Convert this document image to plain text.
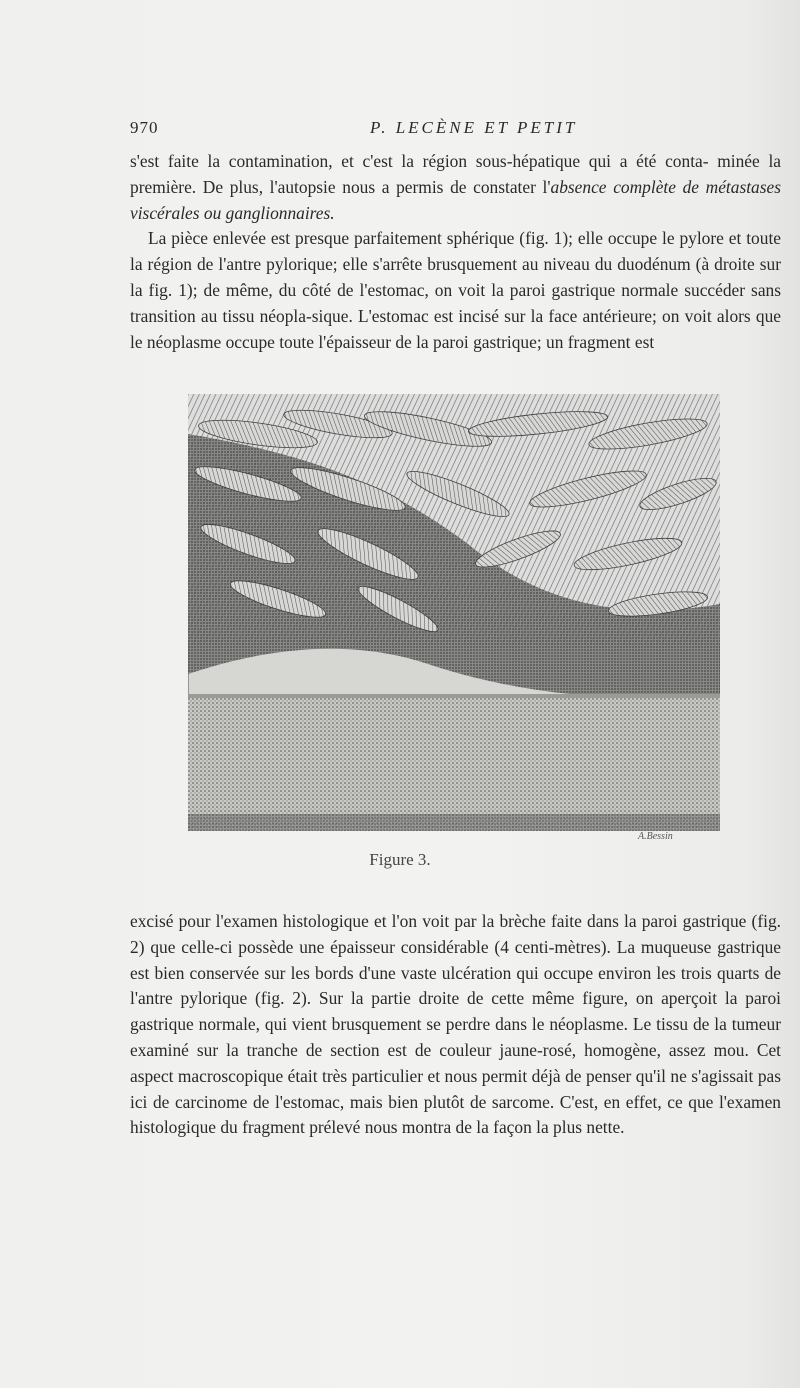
970	P. LECÈNE ET PETIT

s'est faite la contamination, et c'est la région sous-hépatique qui a été conta- minée la première. De plus, l'autopsie nous a permis de constater l'absence complète de métastases viscérales ou ganglionnaires.

La pièce enlevée est presque parfaitement sphérique (fig. 1); elle occupe le pylore et toute la région de l'antre pylorique; elle s'arrête brusquement au niveau du duodénum (à droite sur la fig. 1); de même, du côté de l'estomac, on voit la paroi gastrique normale succéder sans transition au tissu néopla-sique. L'estomac est incisé sur la face antérieure; on voit alors que le néoplasme occupe toute l'épaisseur de la paroi gastrique; un fragment est

A.Bessin
Figure 3.

excisé pour l'examen histologique et l'on voit par la brèche faite dans la paroi gastrique (fig. 2) que celle-ci possède une épaisseur considérable (4 centi-mètres). La muqueuse gastrique est bien conservée sur les bords d'une vaste ulcération qui occupe environ les trois quarts de l'antre pylorique (fig. 2). Sur la partie droite de cette même figure, on aperçoit la paroi gastrique normale, qui vient brusquement se perdre dans le néoplasme. Le tissu de la tumeur examiné sur la tranche de section est de couleur jaune-rosé, homogène, assez mou. Cet aspect macroscopique était très particulier et nous permit déjà de penser qu'il ne s'agissait pas ici de carcinome de l'estomac, mais bien plutôt de sarcome. C'est, en effet, ce que l'examen histologique du fragment prélevé nous montra de la façon la plus nette.
